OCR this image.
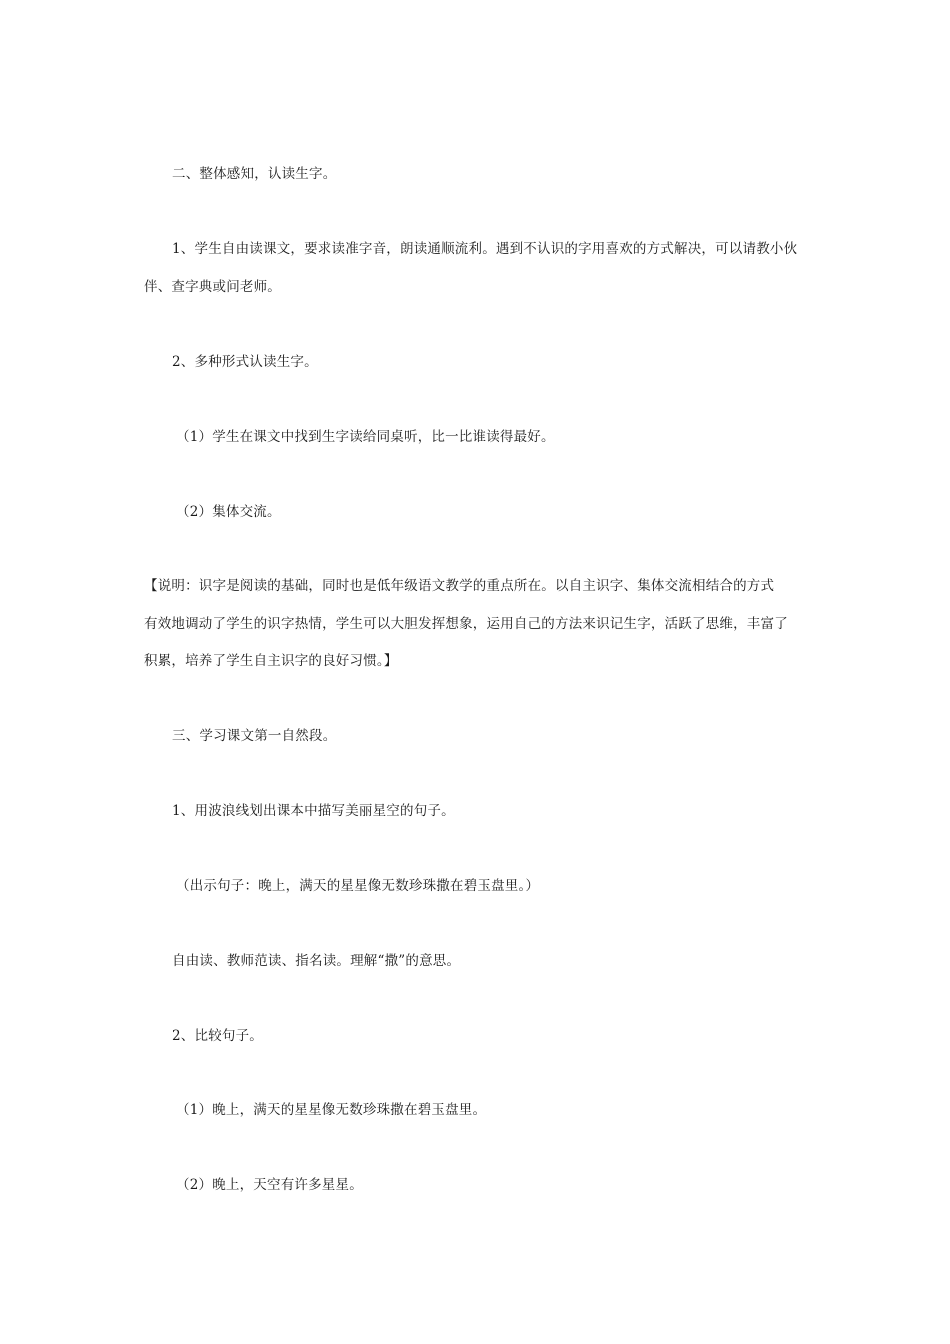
二、整体感知，认读生字。
1、学生自由读课文，要求读准字音，朗读通顺流利。遇到不认识的字用喜欢的方式解决，可以请教小伙
伴、查字典或问老师。
2、多种形式认读生字。
（1）学生在课文中找到生字读给同桌听，比一比谁读得最好。
（2）集体交流。
【说明：识字是阅读的基础，同时也是低年级语文教学的重点所在。以自主识字、集体交流相结合的方式
有效地调动了学生的识字热情，学生可以大胆发挥想象，运用自己的方法来识记生字，活跃了思维，丰富了
积累，培养了学生自主识字的良好习惯。】
三、学习课文第一自然段。
1、用波浪线划出课本中描写美丽星空的句子。
（出示句子：晚上，满天的星星像无数珍珠撒在碧玉盘里。）
自由读、教师范读、指名读。理解“撒”的意思。
2、比较句子。
（1）晚上，满天的星星像无数珍珠撒在碧玉盘里。
（2）晚上，天空有许多星星。
